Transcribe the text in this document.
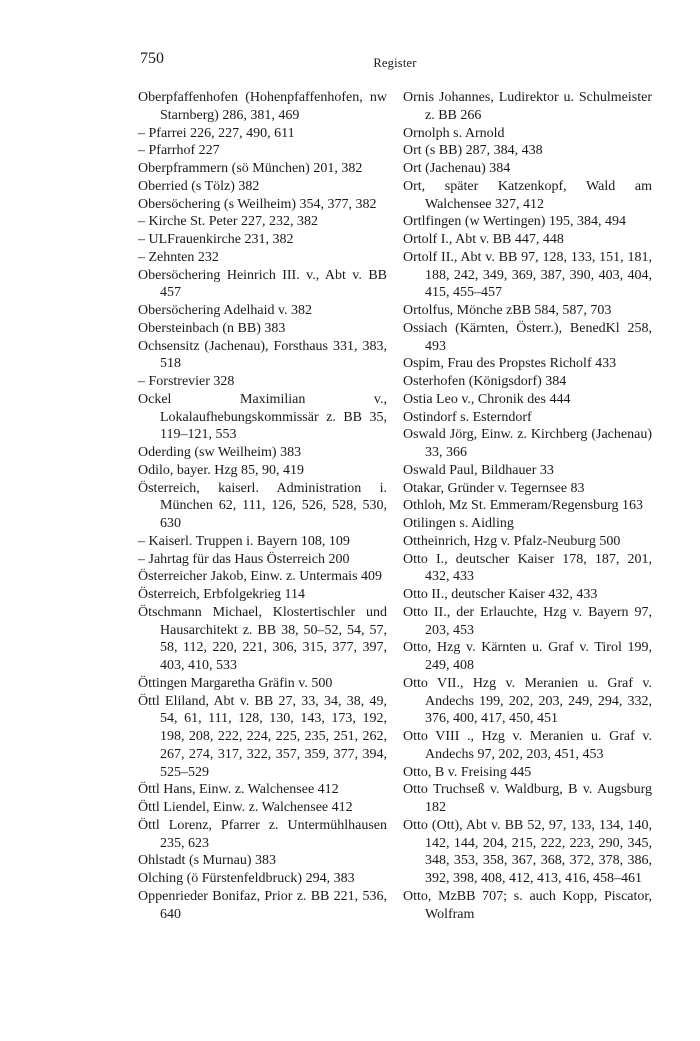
750	Register
Oberpfaffenhofen (Hohenpfaffenhofen, nw Starnberg) 286, 381, 469
– Pfarrei 226, 227, 490, 611
– Pfarrhof 227
Oberpframmern (sö München) 201, 382
Oberried (s Tölz) 382
Obersöchering (s Weilheim) 354, 377, 382
– Kirche St. Peter 227, 232, 382
– ULFrauenkirche 231, 382
– Zehnten 232
Obersöchering Heinrich III. v., Abt v. BB 457
Obersöchering Adelhaid v. 382
Obersteinbach (n BB) 383
Ochsensitz (Jachenau), Forsthaus 331, 383, 518
– Forstrevier 328
Ockel Maximilian v., Lokalaufhebungskommissär z. BB 35, 119–121, 553
Oderding (sw Weilheim) 383
Odilo, bayer. Hzg 85, 90, 419
Österreich, kaiserl. Administration i. München 62, 111, 126, 526, 528, 530, 630
– Kaiserl. Truppen i. Bayern 108, 109
– Jahrtag für das Haus Österreich 200
Österreicher Jakob, Einw. z. Untermais 409
Österreich, Erbfolgekrieg 114
Ötschmann Michael, Klostertischler und Hausarchitekt z. BB 38, 50–52, 54, 57, 58, 112, 220, 221, 306, 315, 377, 397, 403, 410, 533
Öttingen Margaretha Gräfin v. 500
Öttl Eliland, Abt v. BB 27, 33, 34, 38, 49, 54, 61, 111, 128, 130, 143, 173, 192, 198, 208, 222, 224, 225, 235, 251, 262, 267, 274, 317, 322, 357, 359, 377, 394, 525–529
Öttl Hans, Einw. z. Walchensee 412
Öttl Liendel, Einw. z. Walchensee 412
Öttl Lorenz, Pfarrer z. Untermühlhausen 235, 623
Ohlstadt (s Murnau) 383
Olching (ö Fürstenfeldbruck) 294, 383
Oppenrieder Bonifaz, Prior z. BB 221, 536, 640
Ornis Johannes, Ludirektor u. Schulmeister z. BB 266
Ornolph s. Arnold
Ort (s BB) 287, 384, 438
Ort (Jachenau) 384
Ort, später Katzenkopf, Wald am Walchensee 327, 412
Ortlfingen (w Wertingen) 195, 384, 494
Ortolf I., Abt v. BB 447, 448
Ortolf II., Abt v. BB 97, 128, 133, 151, 181, 188, 242, 349, 369, 387, 390, 403, 404, 415, 455–457
Ortolfus, Mönche zBB 584, 587, 703
Ossiach (Kärnten, Österr.), BenedKl 258, 493
Ospim, Frau des Propstes Richolf 433
Osterhofen (Königsdorf) 384
Ostia Leo v., Chronik des 444
Ostindorf s. Esterndorf
Oswald Jörg, Einw. z. Kirchberg (Jachenau) 33, 366
Oswald Paul, Bildhauer 33
Otakar, Gründer v. Tegernsee 83
Othloh, Mz St. Emmeram/Regensburg 163
Otilingen s. Aidling
Ottheinrich, Hzg v. Pfalz-Neuburg 500
Otto I., deutscher Kaiser 178, 187, 201, 432, 433
Otto II., deutscher Kaiser 432, 433
Otto II., der Erlauchte, Hzg v. Bayern 97, 203, 453
Otto, Hzg v. Kärnten u. Graf v. Tirol 199, 249, 408
Otto VII., Hzg v. Meranien u. Graf v. Andechs 199, 202, 203, 249, 294, 332, 376, 400, 417, 450, 451
Otto VIII ., Hzg v. Meranien u. Graf v. Andechs 97, 202, 203, 451, 453
Otto, B v. Freising 445
Otto Truchseß v. Waldburg, B v. Augsburg 182
Otto (Ott), Abt v. BB 52, 97, 133, 134, 140, 142, 144, 204, 215, 222, 223, 290, 345, 348, 353, 358, 367, 368, 372, 378, 386, 392, 398, 408, 412, 413, 416, 458–461
Otto, MzBB 707; s. auch Kopp, Piscator, Wolfram
